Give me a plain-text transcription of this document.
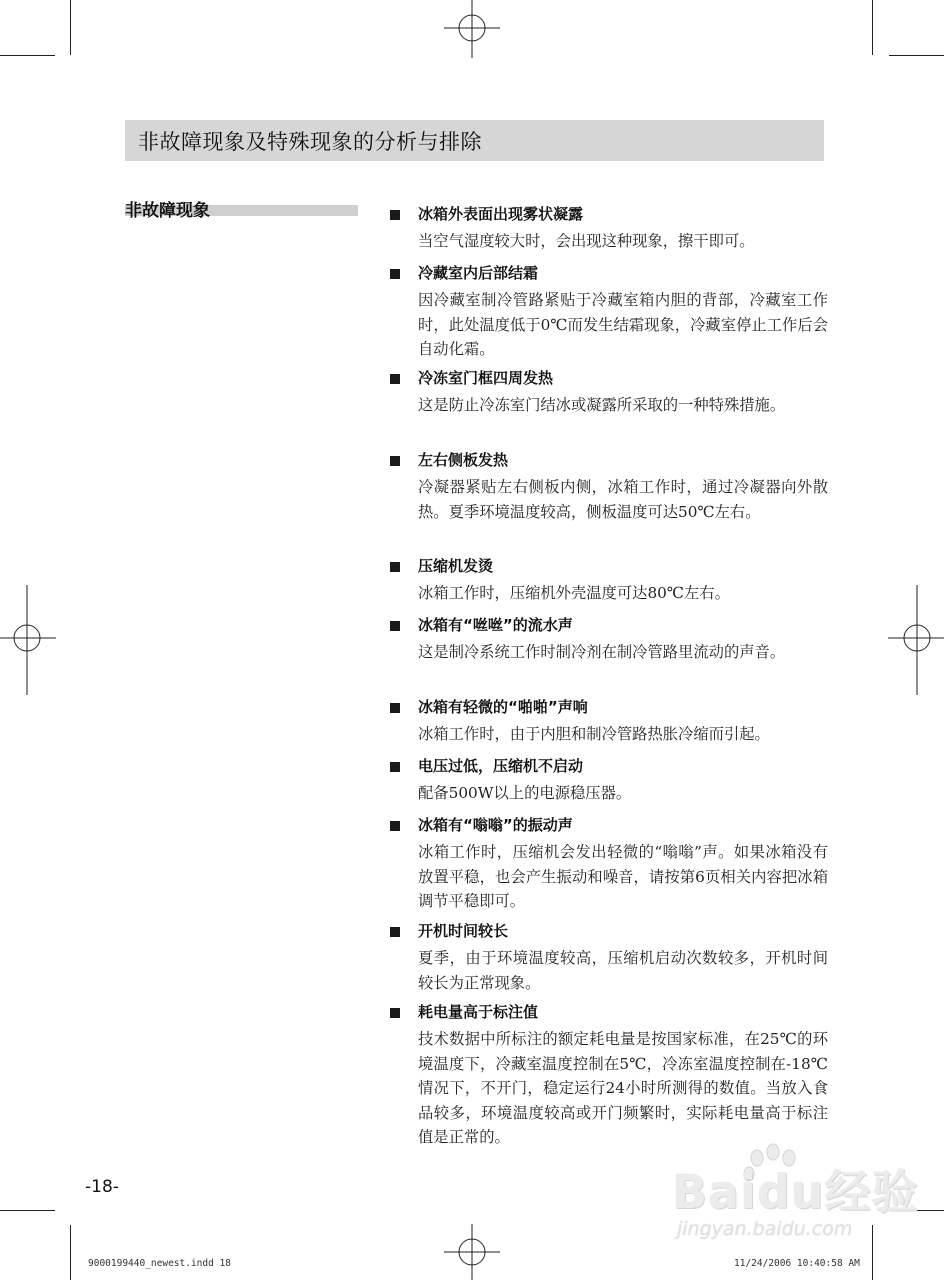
非故障现象及特殊现象的分析与排除
非故障现象	冰箱外表面出现雾状凝露
当空气湿度较大时，会出现这种现象，擦干即可。
冷藏室内后部结霜
因冷藏室制冷管路紧贴于冷藏室箱内胆的背部，冷藏室工作时，此处温度低于0℃而发生结霜现象，冷藏室停止工作后会自动化霜。
冷冻室门框四周发热
这是防止冷冻室门结冰或凝露所采取的一种特殊措施。
左右侧板发热
冷凝器紧贴左右侧板内侧，冰箱工作时，通过冷凝器向外散热。夏季环境温度较高，侧板温度可达50℃左右。
压缩机发烫
冰箱工作时，压缩机外壳温度可达80℃左右。
冰箱有“咝咝”的流水声
这是制冷系统工作时制冷剂在制冷管路里流动的声音。
冰箱有轻微的“啪啪”声响
冰箱工作时，由于内胆和制冷管路热胀冷缩而引起。
电压过低，压缩机不启动
配备500W以上的电源稳压器。
冰箱有“嗡嗡”的振动声
冰箱工作时，压缩机会发出轻微的“嗡嗡”声。如果冰箱没有放置平稳，也会产生振动和噪音，请按第6页相关内容把冰箱调节平稳即可。
开机时间较长
夏季，由于环境温度较高，压缩机启动次数较多，开机时间较长为正常现象。
耗电量高于标注值
技术数据中所标注的额定耗电量是按国家标准，在25℃的环境温度下，冷藏室温度控制在5℃，冷冻室温度控制在-18℃情况下，不开门，稳定运行24小时所测得的数值。当放入食品较多，环境温度较高或开门频繁时，实际耗电量高于标注值是正常的。
-18-	Baidu经验
jingyan.baidu.com
9000199440_newest.indd 18	11/24/2006 10:40:58 AM
